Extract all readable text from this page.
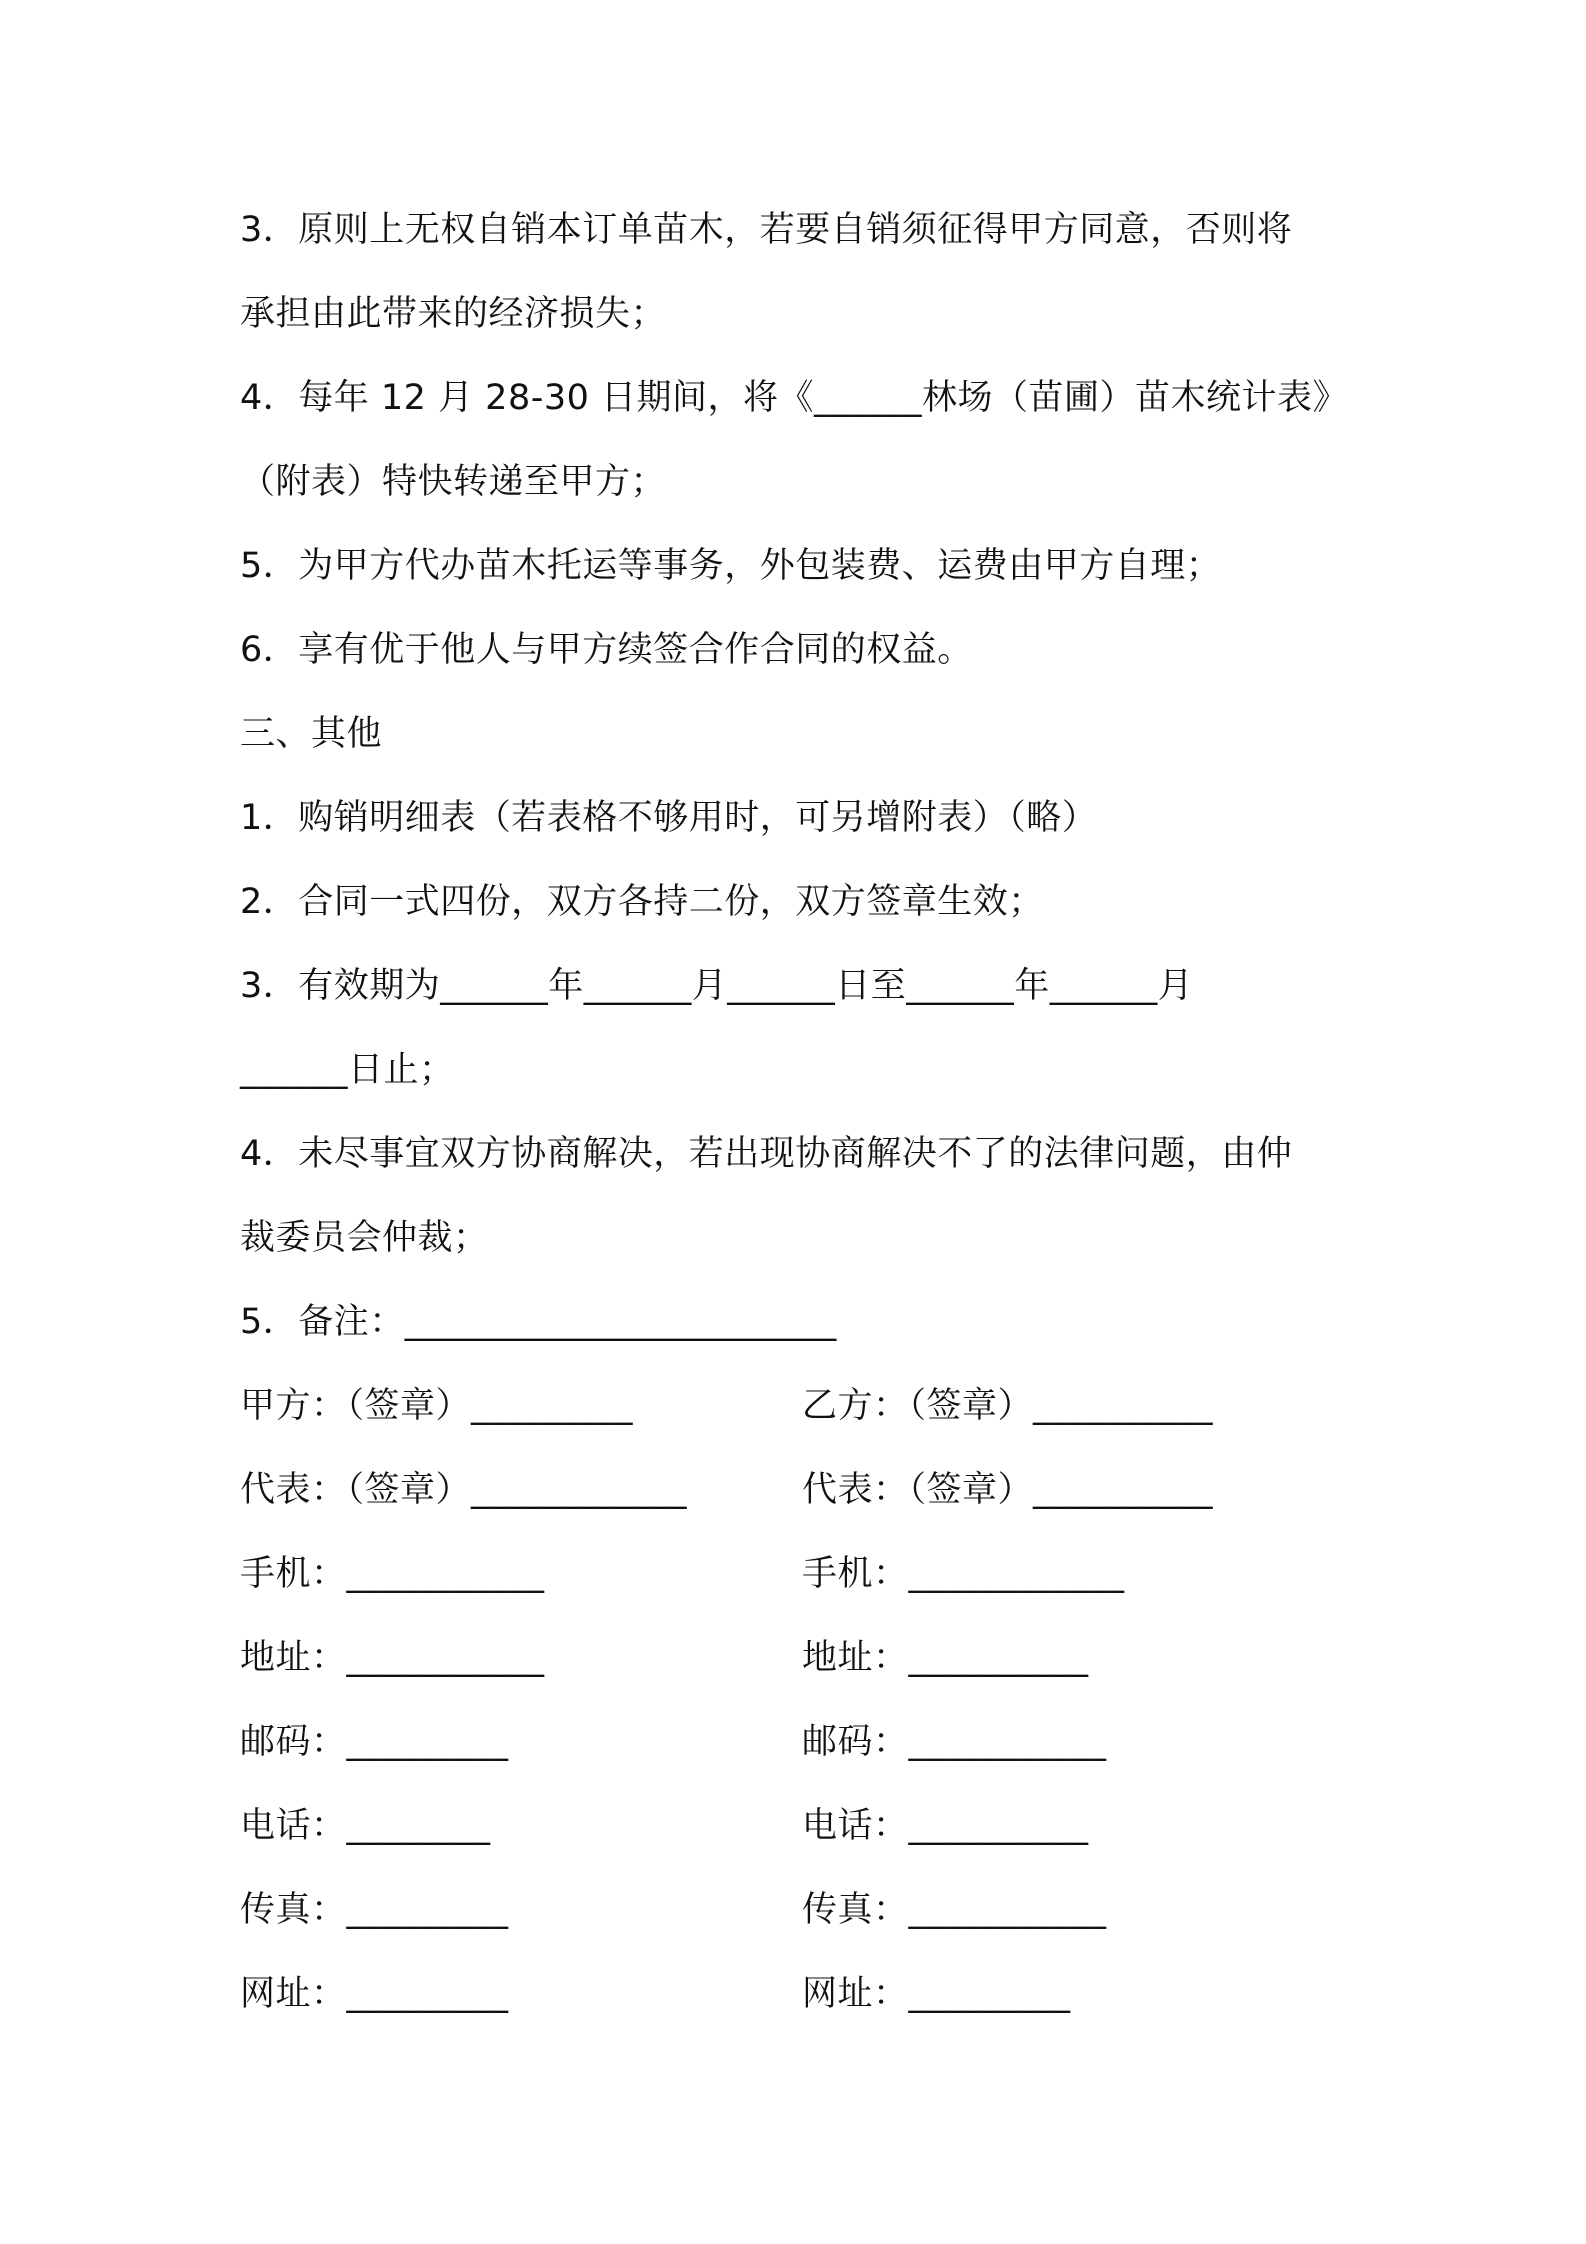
3．原则上无权自销本订单苗木，若要自销须征得甲方同意，否则将
承担由此带来的经济损失；
4．每年 12 月 28-30 日期间，将《______林场（苗圃）苗木统计表》
（附表）特快转递至甲方；
5．为甲方代办苗木托运等事务，外包装费、运费由甲方自理；
6．享有优于他人与甲方续签合作合同的权益。
三、其他
1．购销明细表（若表格不够用时，可另增附表）（略）
2．合同一式四份，双方各持二份，双方签章生效；
3．有效期为______年______月______日至______年______月
______日止；
4．未尽事宜双方协商解决，若出现协商解决不了的法律问题，由仲
裁委员会仲裁；
5．备注：________________________
甲方：（签章）_________	乙方：（签章）__________
代表：（签章）____________	代表：（签章）__________
手机：___________	手机：____________
地址：___________	地址：__________
邮码：_________	邮码：___________
电话：________	电话：__________
传真：_________	传真：___________
网址：_________	网址：_________
